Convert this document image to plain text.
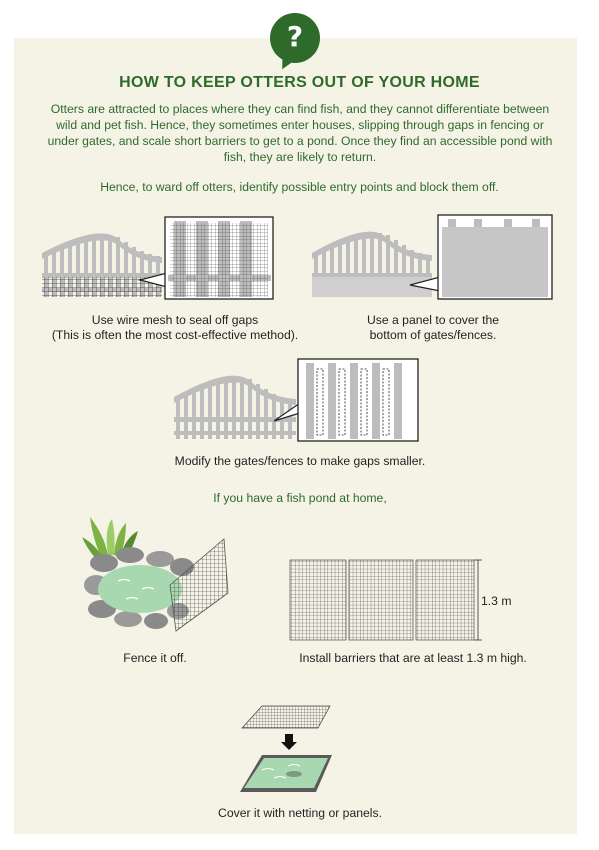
?
HOW TO KEEP OTTERS OUT OF YOUR HOME
Otters are attracted to places where they can find fish, and they cannot differentiate between wild and pet fish. Hence, they sometimes enter houses, slipping through gaps in fencing or under gates, and scale short barriers to get to a pond. Once they find an accessible pond with fish, they are likely to return.
Hence, to ward off otters, identify possible entry points and block them off.
Use wire mesh to seal off gaps
(This is often the most cost-effective method).
Use a panel to cover the
bottom of gates/fences.
Modify the gates/fences to make gaps smaller.
If you have a fish pond at home,
Fence it off.
1.3 m
Install barriers that are at least 1.3 m high.
Cover it with netting or panels.
